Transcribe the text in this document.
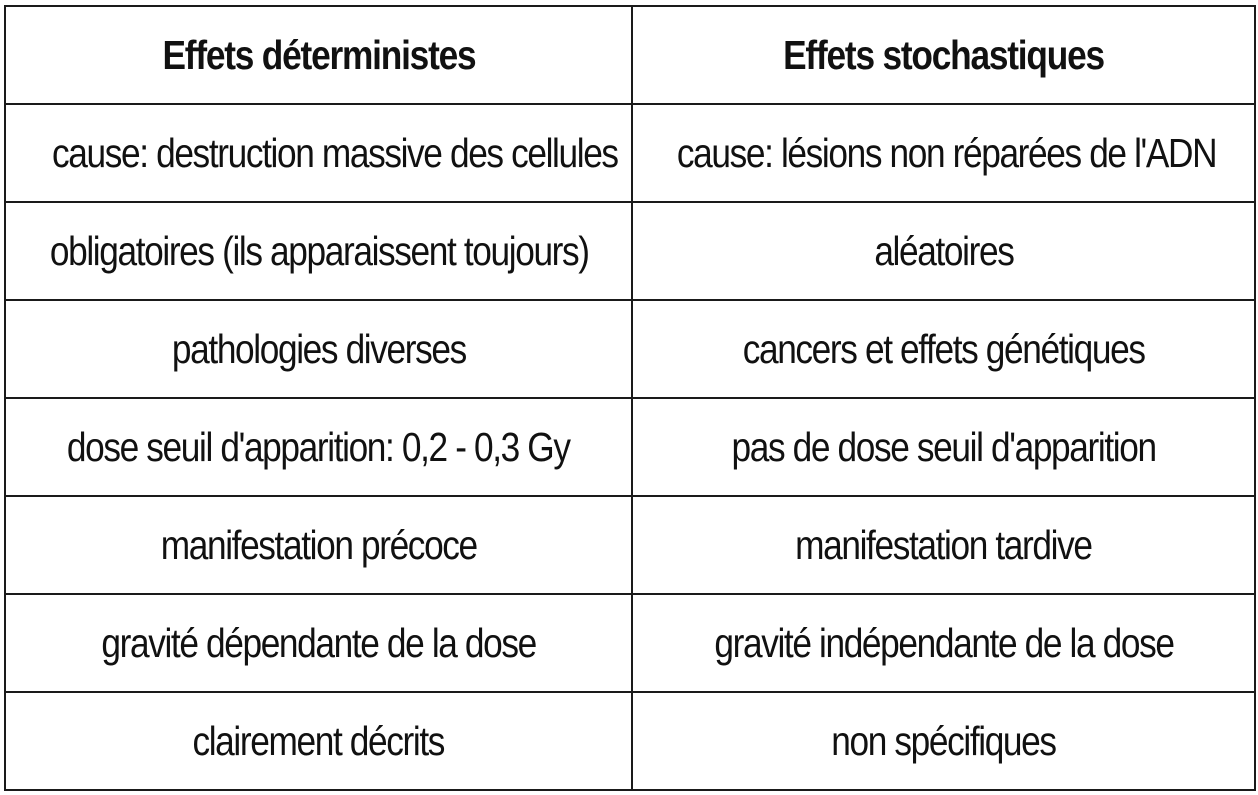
Effets déterministes	Effets stochastiques
cause: destruction massive des cellules	cause: lésions non réparées de l'ADN
obligatoires (ils apparaissent toujours)	aléatoires
pathologies diverses	cancers et effets génétiques
dose seuil d'apparition: 0,2 - 0,3 Gy	pas de dose seuil d'apparition
manifestation précoce	manifestation tardive
gravité dépendante de la dose	gravité indépendante de la dose
clairement décrits	non spécifiques
